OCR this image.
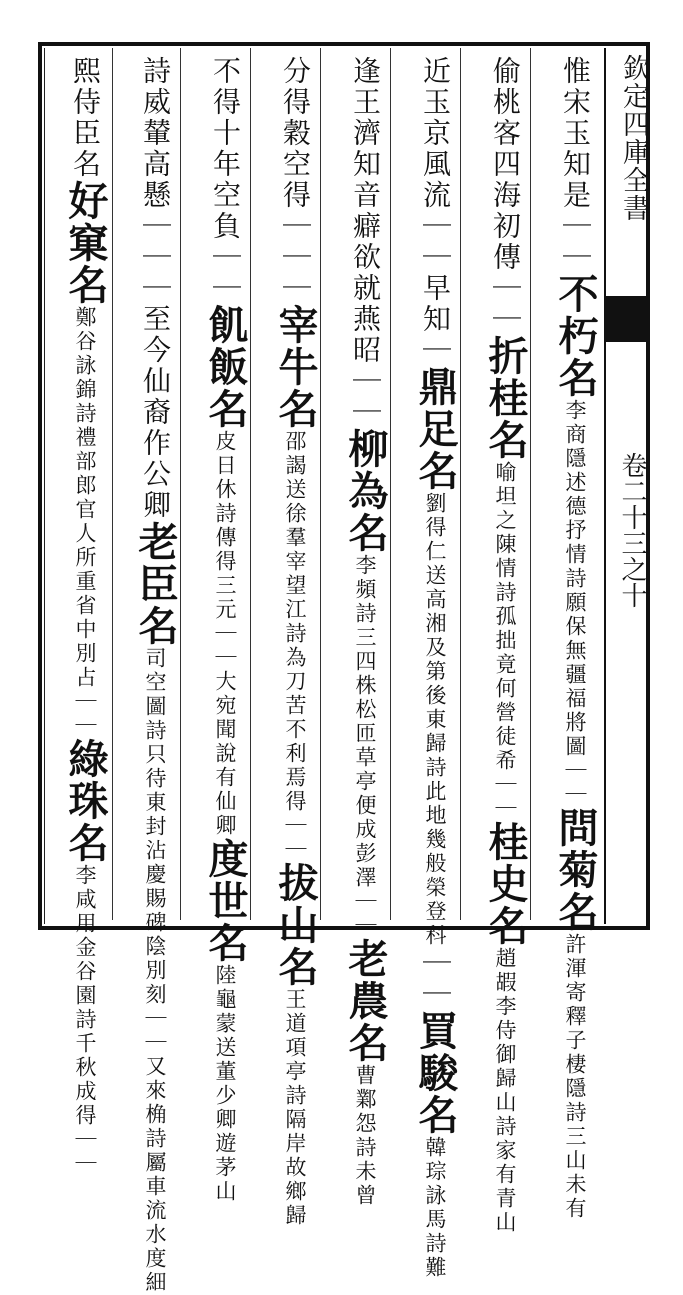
欽定四庫全書
卷二十三之十
惟宋玉知是｜｜不朽名李商隱述德抒情詩願保無疆福將圖｜｜問菊名許渾寄釋子棲隱詩三山未有
偷桃客四海初傳｜｜折桂名喻坦之陳情詩孤拙竟何營徒希｜｜桂史名趙嘏李侍御歸山詩家有青山
近玉京風流｜｜早知｜鼎足名劉得仁送高湘及第後東歸詩此地幾般榮登科｜｜買駿名韓琮詠馬詩難
逢王濟知音癖欲就燕昭｜｜柳為名李頻詩三四株松匝草亭便成彭澤｜｜老農名曹鄴怨詩未曾
分得穀空得｜｜｜宰牛名邵謁送徐羣宰望江詩為刀苦不利焉得｜｜拔山名王道項亭詩隔岸故鄉歸
不得十年空負｜｜飢飯名皮日休詩傳得三元｜｜大宛聞說有仙卿度世名陸龜蒙送董少卿遊茅山
詩威輦高懸｜｜｜至今仙裔作公卿老臣名司空圖詩只待東封沾慶賜碑陰別刻｜｜又來桷詩屬車流水度細
熙侍臣名好窠名鄭谷詠錦詩禮部郎官人所重省中別占｜｜綠珠名李咸用金谷園詩千秋成得｜｜
